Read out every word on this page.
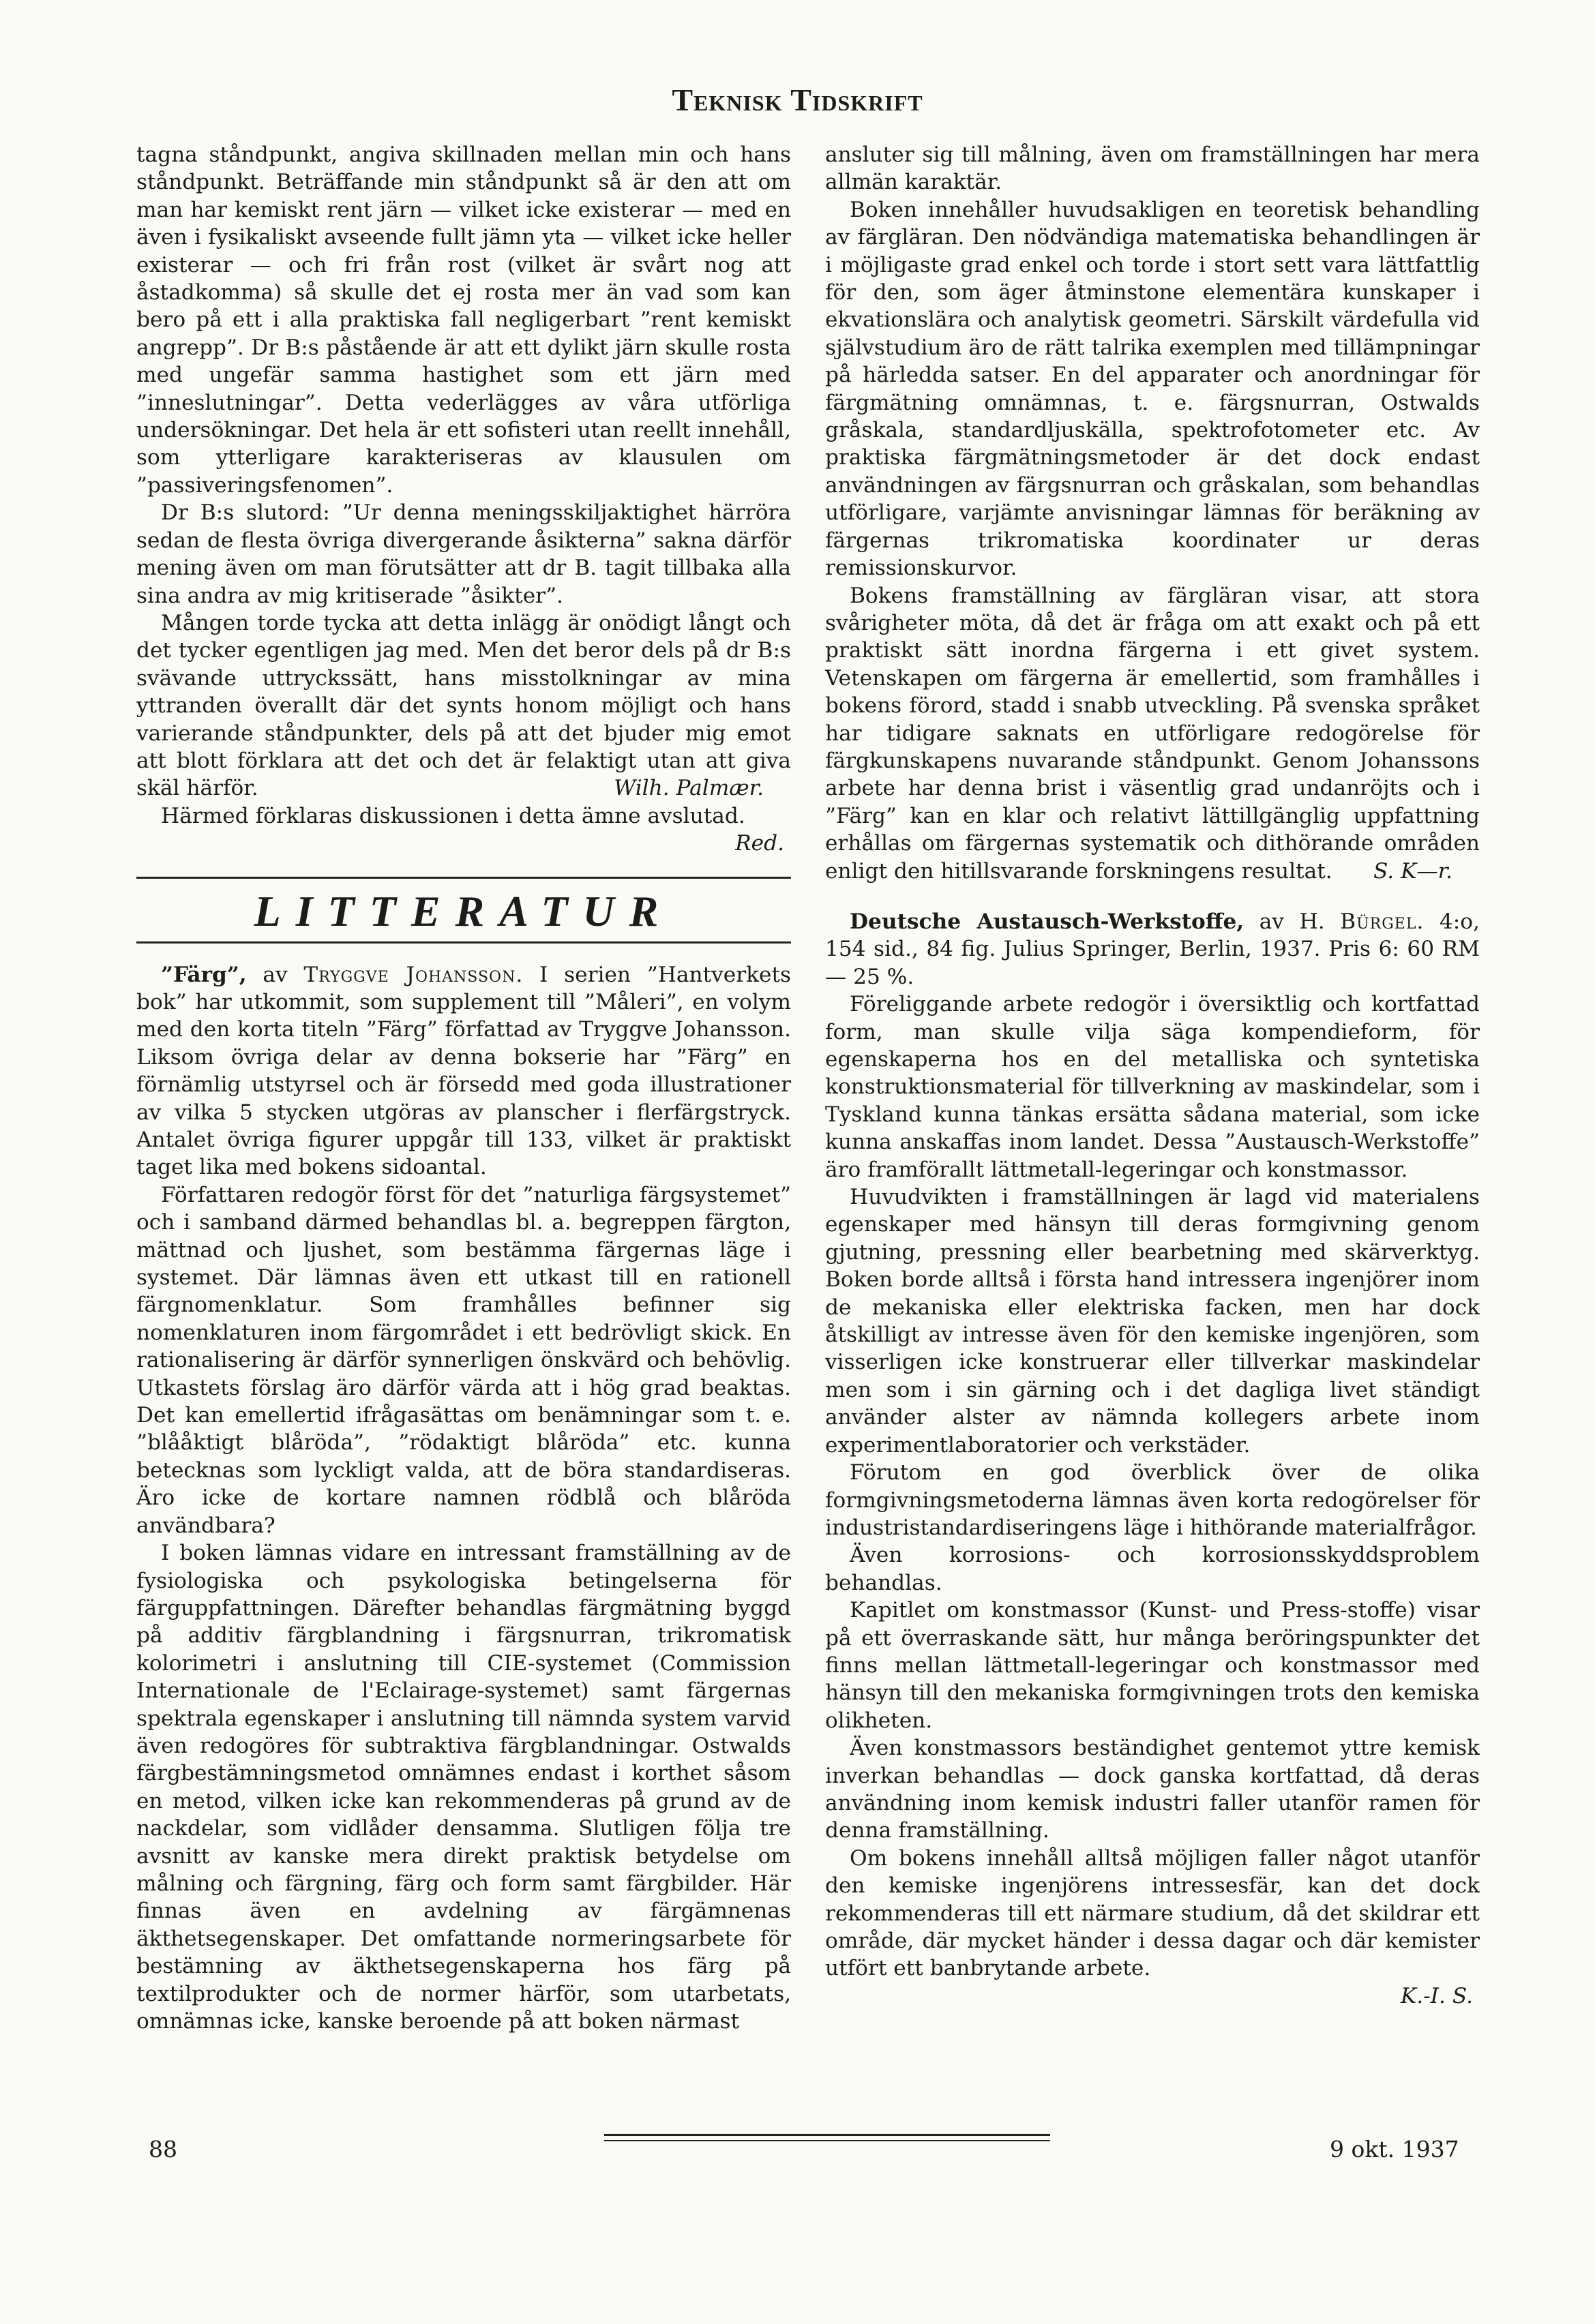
Teknisk Tidskrift

tagna ståndpunkt, angiva skillnaden mellan min och hans ståndpunkt. Beträffande min ståndpunkt så är den att om man har kemiskt rent järn — vilket icke existerar — med en även i fysikaliskt avseende fullt jämn yta — vilket icke heller existerar — och fri från rost (vilket är svårt nog att åstadkomma) så skulle det ej rosta mer än vad som kan bero på ett i alla praktiska fall negligerbart ”rent kemiskt angrepp”. Dr B:s påstående är att ett dylikt järn skulle rosta med ungefär samma hastighet som ett järn med ”inneslutningar”. Detta vederlägges av våra utförliga undersökningar. Det hela är ett sofisteri utan reellt innehåll, som ytterligare karakteriseras av klausulen om ”passiveringsfenomen”.

Dr B:s slutord: ”Ur denna meningsskiljaktighet härröra sedan de flesta övriga divergerande åsikterna” sakna därför mening även om man förutsätter att dr B. tagit tillbaka alla sina andra av mig kritiserade ”åsikter”.

Mången torde tycka att detta inlägg är onödigt långt och det tycker egentligen jag med. Men det beror dels på dr B:s svävande uttryckssätt, hans misstolkningar av mina yttranden överallt där det synts honom möjligt och hans varierande ståndpunkter, dels på att det bjuder mig emot att blott förklara att det och det är felaktigt utan att giva skäl härför.	Wilh. Palmær.

Härmed förklaras diskussionen i detta ämne avslutad.

Red.

LITTERATUR

”Färg”, av Tryggve Johansson. I serien ”Hantverkets bok” har utkommit, som supplement till ”Måleri”, en volym med den korta titeln ”Färg” författad av Tryggve Johansson. Liksom övriga delar av denna bokserie har ”Färg” en förnämlig utstyrsel och är försedd med goda illustrationer av vilka 5 stycken utgöras av planscher i flerfärgstryck. Antalet övriga figurer uppgår till 133, vilket är praktiskt taget lika med bokens sidoantal.

Författaren redogör först för det ”naturliga färgsystemet” och i samband därmed behandlas bl. a. begreppen färgton, mättnad och ljushet, som bestämma färgernas läge i systemet. Där lämnas även ett utkast till en rationell färgnomenklatur. Som framhålles befinner sig nomenklaturen inom färgområdet i ett bedrövligt skick. En rationalisering är därför synnerligen önskvärd och behövlig. Utkastets förslag äro därför värda att i hög grad beaktas. Det kan emellertid ifrågasättas om benämningar som t. e. ”blååktigt blåröda”, ”rödaktigt blåröda” etc. kunna betecknas som lyckligt valda, att de böra standardiseras. Äro icke de kortare namnen rödblå och blåröda användbara?

I boken lämnas vidare en intressant framställning av de fysiologiska och psykologiska betingelserna för färguppfattningen. Därefter behandlas färgmätning byggd på additiv färgblandning i färgsnurran, trikromatisk kolorimetri i anslutning till CIE-systemet (Commission Internationale de l'Eclairage-systemet) samt färgernas spektrala egenskaper i anslutning till nämnda system varvid även redogöres för subtraktiva färgblandningar. Ostwalds färgbestämningsmetod omnämnes endast i korthet såsom en metod, vilken icke kan rekommenderas på grund av de nackdelar, som vidlåder densamma. Slutligen följa tre avsnitt av kanske mera direkt praktisk betydelse om målning och färgning, färg och form samt färgbilder. Här finnas även en avdelning av färgämnenas äkthetsegenskaper. Det omfattande normeringsarbete för bestämning av äkthetsegenskaperna hos färg på textilprodukter och de normer härför, som utarbetats, omnämnas icke, kanske beroende på att boken närmast

ansluter sig till målning, även om framställningen har mera allmän karaktär.

Boken innehåller huvudsakligen en teoretisk behandling av färgläran. Den nödvändiga matematiska behandlingen är i möjligaste grad enkel och torde i stort sett vara lättfattlig för den, som äger åtminstone elementära kunskaper i ekvationslära och analytisk geometri. Särskilt värdefulla vid självstudium äro de rätt talrika exemplen med tillämpningar på härledda satser. En del apparater och anordningar för färgmätning omnämnas, t. e. färgsnurran, Ostwalds gråskala, standardljuskälla, spektrofotometer etc. Av praktiska färgmätningsmetoder är det dock endast användningen av färgsnurran och gråskalan, som behandlas utförligare, varjämte anvisningar lämnas för beräkning av färgernas trikromatiska koordinater ur deras remissionskurvor.

Bokens framställning av färgläran visar, att stora svårigheter möta, då det är fråga om att exakt och på ett praktiskt sätt inordna färgerna i ett givet system. Vetenskapen om färgerna är emellertid, som framhålles i bokens förord, stadd i snabb utveckling. På svenska språket har tidigare saknats en utförligare redogörelse för färgkunskapens nuvarande ståndpunkt. Genom Johanssons arbete har denna brist i väsentlig grad undanröjts och i ”Färg” kan en klar och relativt lättillgänglig uppfattning erhållas om färgernas systematik och dithörande områden enligt den hitillsvarande forskningens resultat.	S. K—r.

Deutsche Austausch-Werkstoffe, av H. Bürgel. 4:o, 154 sid., 84 fig. Julius Springer, Berlin, 1937. Pris 6: 60 RM — 25 %.

Föreliggande arbete redogör i översiktlig och kortfattad form, man skulle vilja säga kompendieform, för egenskaperna hos en del metalliska och syntetiska konstruktionsmaterial för tillverkning av maskindelar, som i Tyskland kunna tänkas ersätta sådana material, som icke kunna anskaffas inom landet. Dessa ”Austausch-Werkstoffe” äro framförallt lättmetall-legeringar och konstmassor.

Huvudvikten i framställningen är lagd vid materialens egenskaper med hänsyn till deras formgivning genom gjutning, pressning eller bearbetning med skärverktyg. Boken borde alltså i första hand intressera ingenjörer inom de mekaniska eller elektriska facken, men har dock åtskilligt av intresse även för den kemiske ingenjören, som visserligen icke konstruerar eller tillverkar maskindelar men som i sin gärning och i det dagliga livet ständigt använder alster av nämnda kollegers arbete inom experimentlaboratorier och verkstäder.

Förutom en god överblick över de olika formgivningsmetoderna lämnas även korta redogörelser för industristandardiseringens läge i hithörande materialfrågor.

Även korrosions- och korrosionsskyddsproblem behandlas.

Kapitlet om konstmassor (Kunst- und Press-stoffe) visar på ett överraskande sätt, hur många beröringspunkter det finns mellan lättmetall-legeringar och konstmassor med hänsyn till den mekaniska formgivningen trots den kemiska olikheten.

Även konstmassors beständighet gentemot yttre kemisk inverkan behandlas — dock ganska kortfattad, då deras användning inom kemisk industri faller utanför ramen för denna framställning.

Om bokens innehåll alltså möjligen faller något utanför den kemiske ingenjörens intressesfär, kan det dock rekommenderas till ett närmare studium, då det skildrar ett område, där mycket händer i dessa dagar och där kemister utfört ett banbrytande arbete.

K.-I. S.

88	9 okt. 1937
